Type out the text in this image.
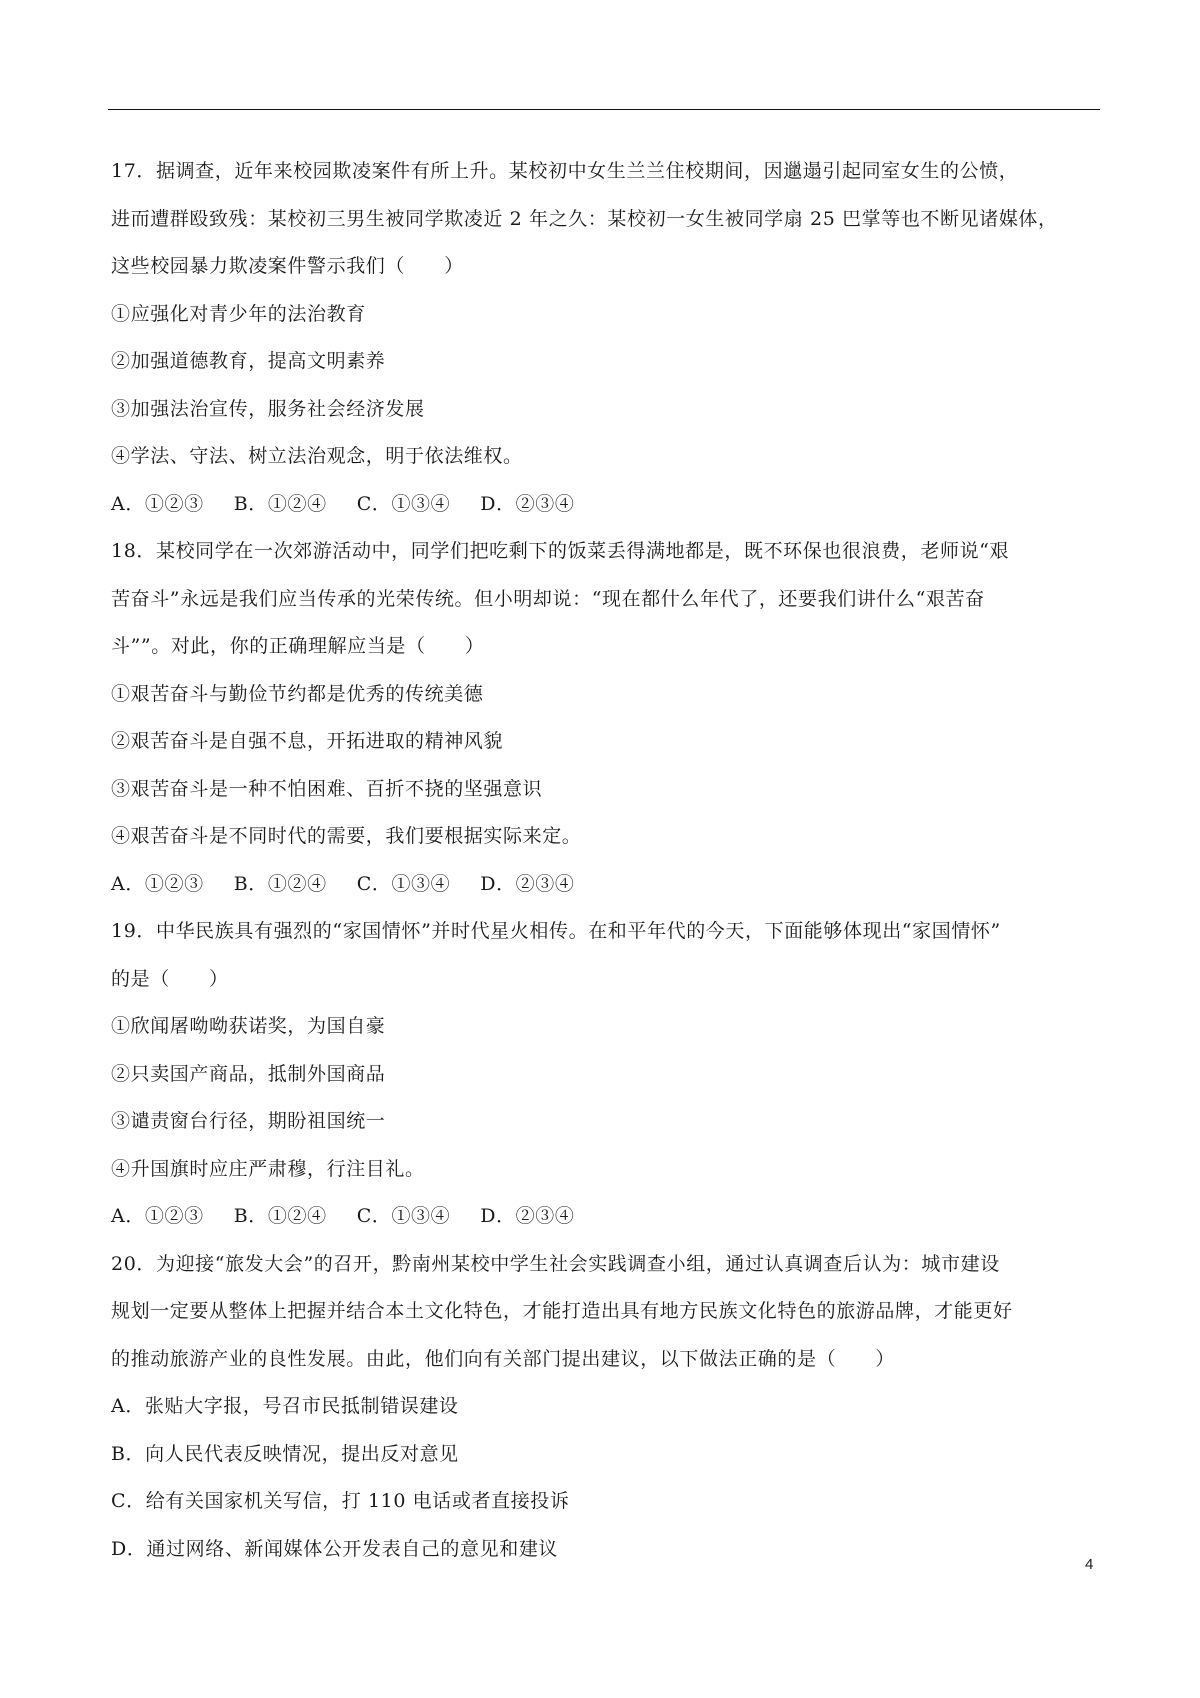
17．据调查，近年来校园欺凌案件有所上升。某校初中女生兰兰住校期间，因邋遢引起同室女生的公愤，
进而遭群殴致残：某校初三男生被同学欺凌近 2 年之久：某校初一女生被同学扇 25 巴掌等也不断见诸媒体，
这些校园暴力欺凌案件警示我们（　　）
①应强化对青少年的法治教育
②加强道德教育，提高文明素养
③加强法治宣传，服务社会经济发展
④学法、守法、树立法治观念，明于依法维权。
A．①②③ B．①②④ C．①③④ D．②③④
18．某校同学在一次郊游活动中，同学们把吃剩下的饭菜丢得满地都是，既不环保也很浪费，老师说“艰
苦奋斗”永远是我们应当传承的光荣传统。但小明却说：“现在都什么年代了，还要我们讲什么“艰苦奋
斗””。对此，你的正确理解应当是（　　）
①艰苦奋斗与勤俭节约都是优秀的传统美德
②艰苦奋斗是自强不息，开拓进取的精神风貌
③艰苦奋斗是一种不怕困难、百折不挠的坚强意识
④艰苦奋斗是不同时代的需要，我们要根据实际来定。
A．①②③ B．①②④ C．①③④ D．②③④
19．中华民族具有强烈的“家国情怀”并时代星火相传。在和平年代的今天，下面能够体现出“家国情怀”
的是（　　）
①欣闻屠呦呦获诺奖，为国自豪
②只卖国产商品，抵制外国商品
③谴责窗台行径，期盼祖国统一
④升国旗时应庄严肃穆，行注目礼。
A．①②③ B．①②④ C．①③④ D．②③④
20．为迎接“旅发大会”的召开，黔南州某校中学生社会实践调查小组，通过认真调查后认为：城市建设
规划一定要从整体上把握并结合本土文化特色，才能打造出具有地方民族文化特色的旅游品牌，才能更好
的推动旅游产业的良性发展。由此，他们向有关部门提出建议，以下做法正确的是（　　）
A．张贴大字报，号召市民抵制错误建设
B．向人民代表反映情况，提出反对意见
C．给有关国家机关写信，打 110 电话或者直接投诉
D．通过网络、新闻媒体公开发表自己的意见和建议
4
